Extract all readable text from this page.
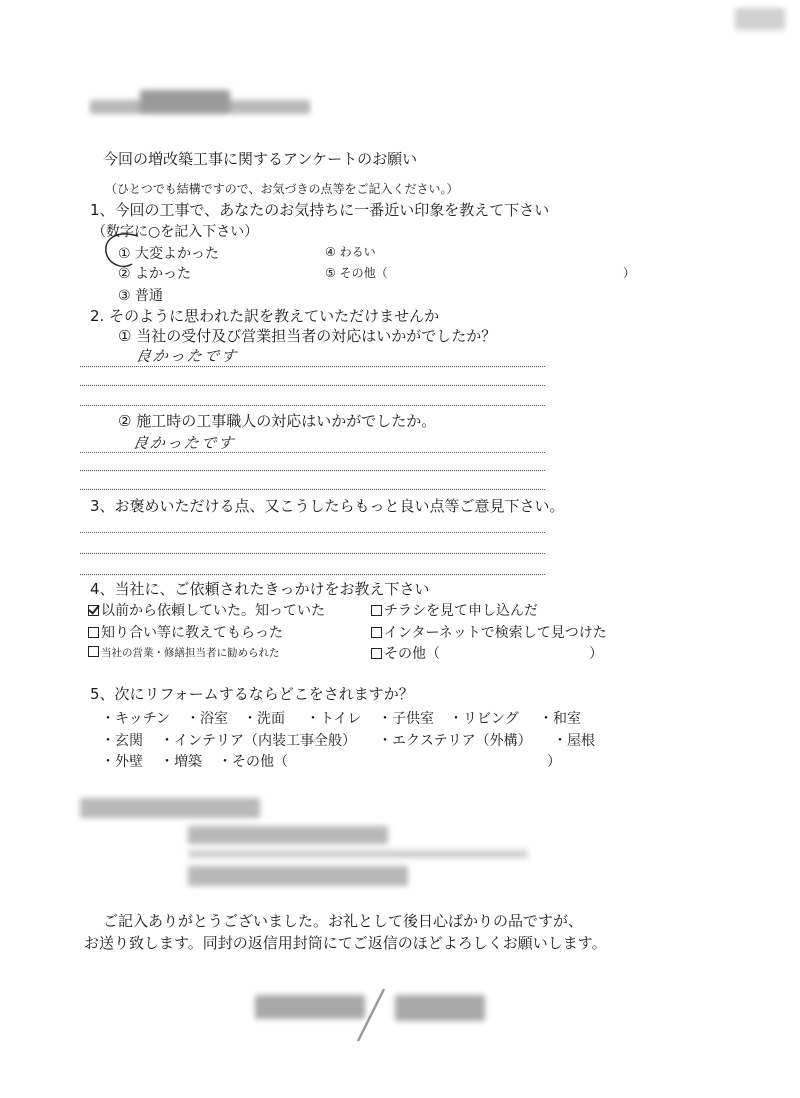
今回の増改築工事に関するアンケートのお願い
（ひとつでも結構ですので、お気づきの点等をご記入ください。）
1、今回の工事で、あなたのお気持ちに一番近い印象を教えて下さい
（数字に○を記入下さい）
① 大変よかった
② よかった
③ 普通
④ わるい
⑤ その他（	）
2. そのように思われた訳を教えていただけませんか
① 当社の受付及び営業担当者の対応はいかがでしたか？
良かったです
② 施工時の工事職人の対応はいかがでしたか。
良かったです
3、お褒めいただける点、又こうしたらもっと良い点等ご意見下さい。
4、当社に、ご依頼されたきっかけをお教え下さい
以前から依頼していた。知っていた	チラシを見て申し込んだ
知り合い等に教えてもらった	インターネットで検索して見つけた
当社の営業・修繕担当者に勧められた	その他（	）
5、次にリフォームするならどこをされますか？
・キッチン ・浴室 ・洗面 ・トイレ ・子供室 ・リビング ・和室
・玄関 ・インテリア（内装工事全般） ・エクステリア（外構） ・屋根
・外壁 ・増築 ・その他（	）
ご記入ありがとうございました。お礼として後日心ばかりの品ですが、
お送り致します。同封の返信用封筒にてご返信のほどよろしくお願いします。
